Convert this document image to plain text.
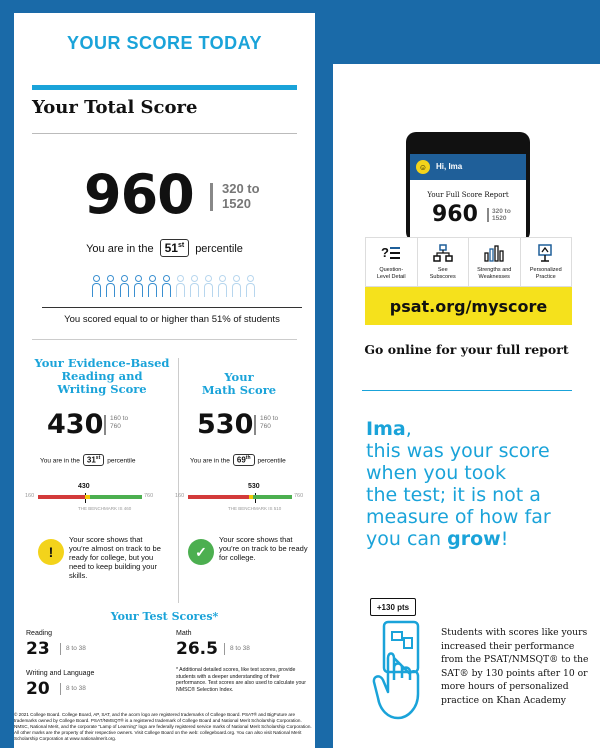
YOUR SCORE TODAY
Your Total Score
960 320 to
1520
You are in the 51st percentile
You scored equal to or higher than 51% of students
Your Evidence-Based
Reading and
Writing Score
430 160 to
760
You are in the 31st percentile
430
160	760
THE BENCHMARK IS 460
!
Your score shows that you're almost on track to be ready for college, but you need to keep building your skills.
Your
Math Score
530 160 to
760
You are in the 69th percentile
530
160	760
THE BENCHMARK IS 510
✓
Your score shows that you're on track to be ready for college.
Your Test Scores*
Reading
23	8 to 38
Writing and Language
20	8 to 38
Math
26.5 8 to 38
* Additional detailed scores, like test scores, provide students with a deeper understanding of their performance. Test scores are also used to calculate your NMSC® Selection Index.
© 2021 College Board. College Board, AP, SAT, and the acorn logo are registered trademarks of College Board. PSAT® and BigFuture are trademarks owned by College Board. PSAT/NMSQT® is a registered trademark of College Board and National Merit Scholarship Corporation. NMSC, National Merit, and the corporate "Lamp of Learning" logo are federally registered service marks of National Merit Scholarship Corporation. All other marks are the property of their respective owners. Visit College Board on the web: collegeboard.org. You can also visit National Merit Scholarship Corporation at www.nationalmerit.org.
☺	Hi, Ima
Your Full Score Report
960 320 to
1520
?
Question-
Level Detail
See
Subscores
Strengths and
Weaknesses
Personalized
Practice
psat.org/myscore
Go online for your full report
Ima,
this was your score
when you took
the test; it is not a
measure of how far
you can grow!
+130 pts
Students with scores like yours increased their performance from the PSAT/NMSQT® to the SAT® by 130 points after 10 or more hours of personalized practice on Khan Academy
